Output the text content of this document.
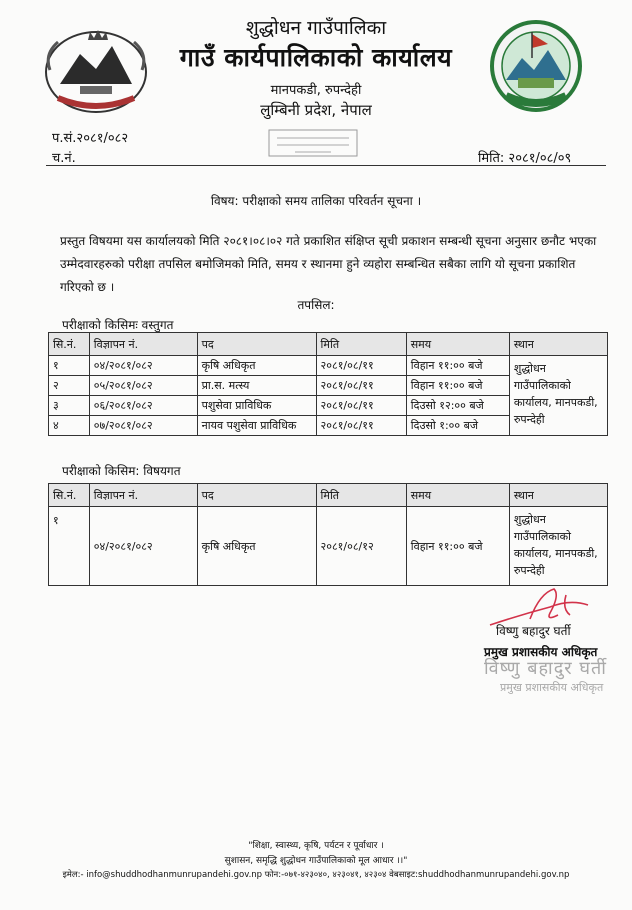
शुद्धोधन गाउँपालिका
गाउँ कार्यपालिकाको कार्यालय
मानपकडी, रुपन्देही
लुम्बिनी प्रदेश, नेपाल
प.सं.२०८१/०८२
च.नं.	मिति: २०८१/०८/०९
विषय: परीक्षाको समय तालिका परिवर्तन सूचना ।
प्रस्तुत विषयमा यस कार्यालयको मिति २०८१।०८।०२ गते प्रकाशित संक्षिप्त सूची प्रकाशन सम्बन्धी सूचना अनुसार छनौट भएका उम्मेदवारहरुको परीक्षा तपसिल बमोजिमको मिति, समय र स्थानमा हुने व्यहोरा सम्बन्धित सबैका लागि यो सूचना प्रकाशित गरिएको छ ।
तपसिल:
परीक्षाको किसिमः वस्तुगत
सि.नं.	विज्ञापन नं.	पद	मिति	समय	स्थान
१	०४/२०८१/०८२	कृषि अधिकृत	२०८१/०८/११	विहान ११:०० बजे	शुद्धोधन गाउँपालिकाको कार्यालय, मानपकडी, रुपन्देही
२	०५/२०८१/०८२	प्रा.स. मत्स्य	२०८१/०८/११	विहान ११:०० बजे	
३	०६/२०८१/०८२	पशुसेवा प्राविधिक	२०८१/०८/११	दिउसो १२:०० बजे	
४	०७/२०८१/०८२	नायव पशुसेवा प्राविधिक	२०८१/०८/११	दिउसो १:०० बजे	
परीक्षाको किसिम: विषयगत
सि.नं.	विज्ञापन नं.	पद	मिति	समय	स्थान
१	०४/२०८१/०८२	कृषि अधिकृत	२०८१/०८/१२	विहान ११:०० बजे	शुद्धोधन गाउँपालिकाको कार्यालय, मानपकडी, रुपन्देही
विष्णु बहादुर घर्ती
प्रमुख प्रशासकीय अधिकृत
विष्णु बहादुर घर्ती
प्रमुख प्रशासकीय अधिकृत
"शिक्षा, स्वास्थ्य, कृषि, पर्यटन र पूर्वाधार ।
सुशासन, समृद्धि शुद्धोधन गाउँपालिकाको मूल आधार ।।"
इमेल:- info@shuddhodhanmunrupandehi.gov.np फोन:-०७१-४२३०४०, ४२३०४१, ४२३०४ वेबसाइट:shuddhodhanmunrupandehi.gov.np
